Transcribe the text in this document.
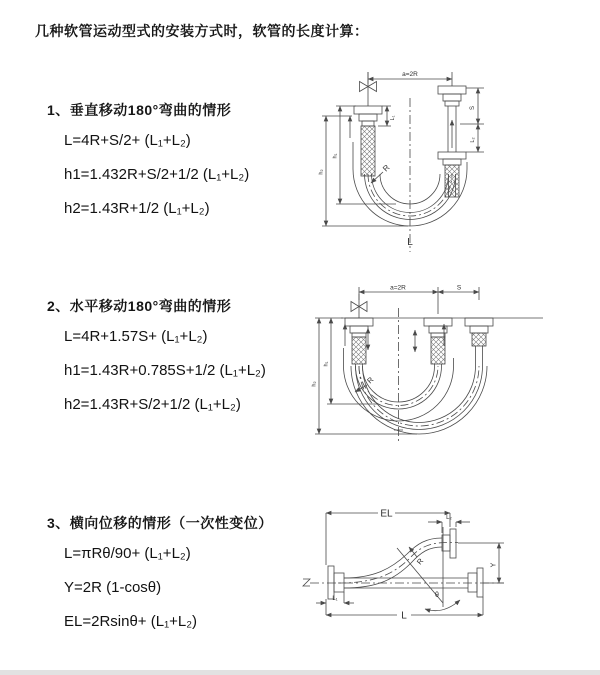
几种软管运动型式的安装方式时，软管的长度计算：
1、垂直移动180°弯曲的情形
L=4R+S/2+ (L₁+L₂)
h1=1.432R+S/2+1/2 (L₁+L₂)
h2=1.43R+1/2 (L₁+L₂)
2、水平移动180°弯曲的情形
L=4R+1.57S+ (L₁+L₂)
h1=1.43R+0.785S+1/2 (L₁+L₂)
h2=1.43R+S/2+1/2 (L₁+L₂)
3、横向位移的情形（一次性变位）
L=πRθ/90+ (L₁+L₂)
Y=2R (1-cosθ)
EL=2Rsinθ+ (L₁+L₂)
a=2R
L₁
S
L₂
h₁
h₂	R
L
a=2R	S
h₁
h₂	R
EL	L₂
Y
R
θ
L
L₁
